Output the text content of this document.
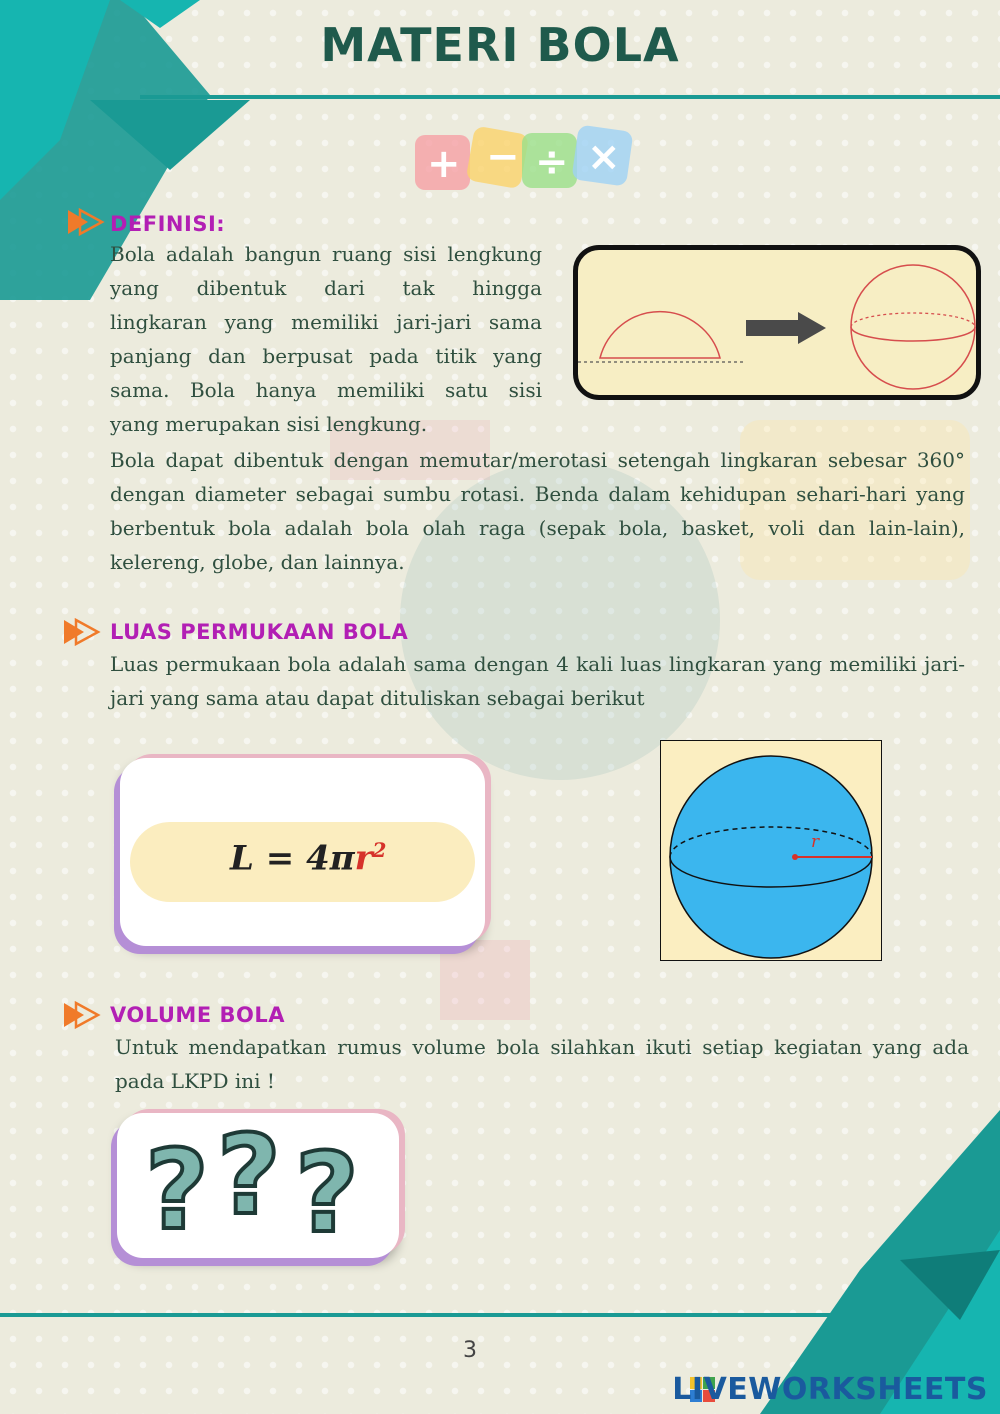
+ − ÷ ×
MATERI BOLA
DEFINISI:
Bola adalah bangun ruang sisi lengkung
yang dibentuk dari tak hingga
lingkaran yang memiliki jari-jari sama
panjang dan berpusat pada titik yang
sama. Bola hanya memiliki satu sisi
yang merupakan sisi lengkung.
Bola dapat dibentuk dengan memutar/merotasi setengah lingkaran sebesar 360° dengan diameter sebagai sumbu rotasi. Benda dalam kehidupan sehari-hari yang berbentuk bola adalah bola olah raga (sepak bola, basket, voli dan lain-lain), kelereng, globe, dan lainnya.
LUAS PERMUKAAN BOLA
Luas permukaan bola adalah sama dengan 4 kali luas lingkaran yang memiliki jari-jari yang sama atau dapat dituliskan sebagai berikut
$L = 4\pi r^2$	r
VOLUME BOLA
Untuk mendapatkan rumus volume bola silahkan ikuti setiap kegiatan yang ada pada LKPD ini !
? ? ?
3
LIVEWORKSHEETS
